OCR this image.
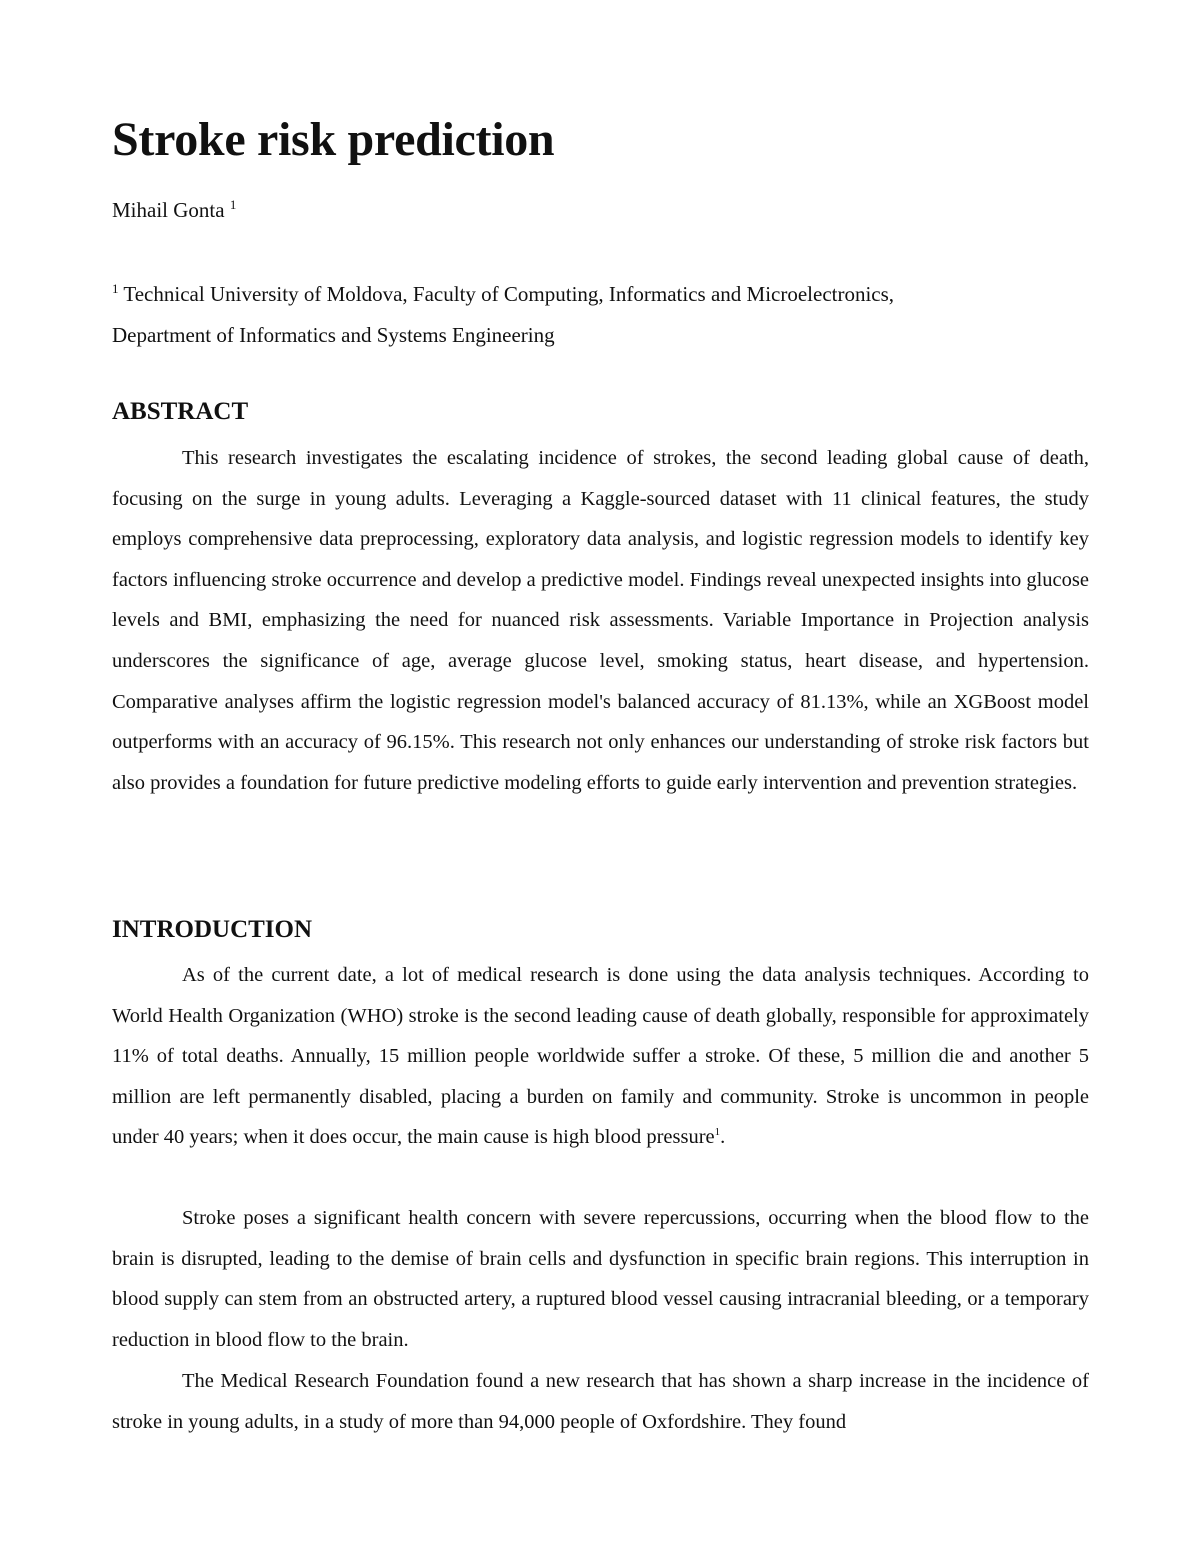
Stroke risk prediction
Mihail Gonta $^1$
$^1$ Technical University of Moldova, Faculty of Computing, Informatics and Microelectronics,
Department of Informatics and Systems Engineering
ABSTRACT

This research investigates the escalating incidence of strokes, the second leading global cause of death, focusing on the surge in young adults. Leveraging a Kaggle-sourced dataset with 11 clinical features, the study employs comprehensive data preprocessing, exploratory data analysis, and logistic regression models to identify key factors influencing stroke occurrence and develop a predictive model. Findings reveal unexpected insights into glucose levels and BMI, emphasizing the need for nuanced risk assessments. Variable Importance in Projection analysis underscores the significance of age, average glucose level, smoking status, heart disease, and hypertension. Comparative analyses affirm the logistic regression model's balanced accuracy of 81.13%, while an XGBoost model outperforms with an accuracy of 96.15%. This research not only enhances our understanding of stroke risk factors but also provides a foundation for future predictive modeling efforts to guide early intervention and prevention strategies.

INTRODUCTION

As of the current date, a lot of medical research is done using the data analysis techniques. According to World Health Organization (WHO) stroke is the second leading cause of death globally, responsible for approximately 11% of total deaths. Annually, 15 million people worldwide suffer a stroke. Of these, 5 million die and another 5 million are left permanently disabled, placing a burden on family and community. Stroke is uncommon in people under 40 years; when it does occur, the main cause is high blood pressure$^1$.

Stroke poses a significant health concern with severe repercussions, occurring when the blood flow to the brain is disrupted, leading to the demise of brain cells and dysfunction in specific brain regions. This interruption in blood supply can stem from an obstructed artery, a ruptured blood vessel causing intracranial bleeding, or a temporary reduction in blood flow to the brain.

The Medical Research Foundation found a new research that has shown a sharp increase in the incidence of stroke in young adults, in a study of more than 94,000 people of Oxfordshire. They found
